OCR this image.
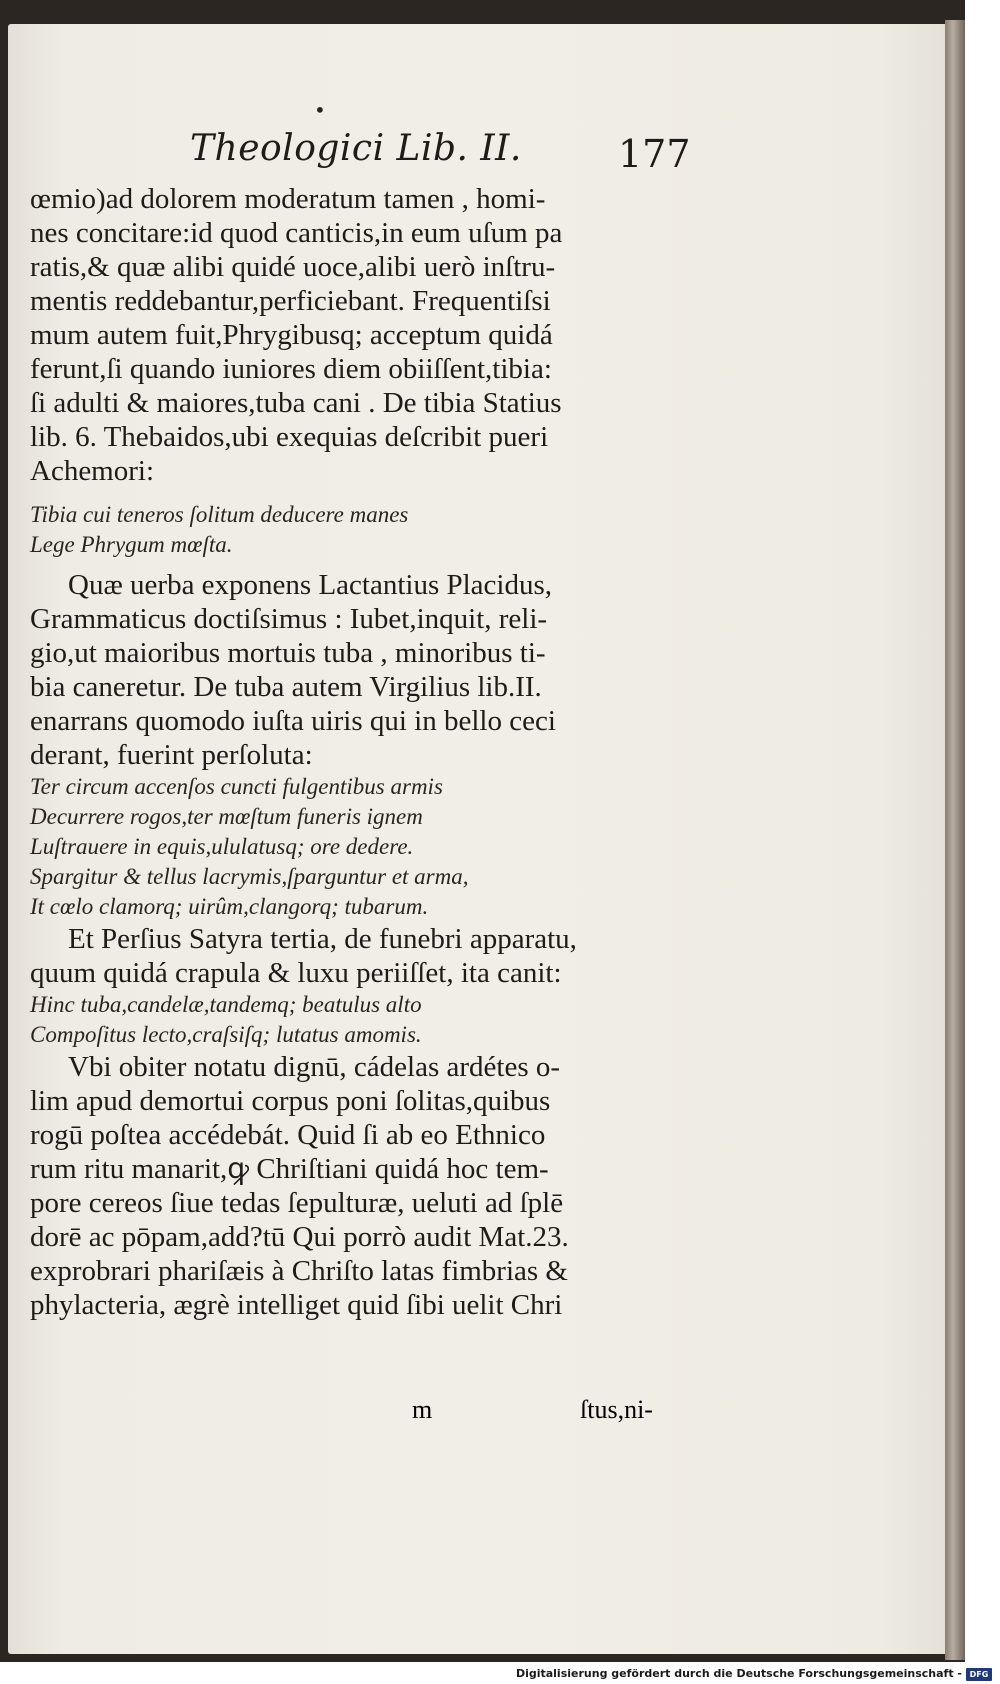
•
Theologici Lib. II.	177
œmio)ad dolorem moderatum tamen , homi-
nes concitare:id quod canticis,in eum uſum pa
ratis,& quæ alibi quidé uoce,alibi uerò inſtru-
mentis reddebantur,perficiebant. Frequentiſsi
mum autem fuit,Phrygibusq; acceptum quidá
ferunt,ſi quando iuniores diem obiiſſent,tibia:
ſi adulti & maiores,tuba cani . De tibia Statius
lib. 6. Thebaidos,ubi exequias deſcribit pueri
Achemori:
Tibia cui teneros ſolitum deducere manes
Lege Phrygum mœſta.
Quæ uerba exponens Lactantius Placidus,
Grammaticus doctiſsimus : Iubet,inquit, reli-
gio,ut maioribus mortuis tuba , minoribus ti-
bia caneretur. De tuba autem Virgilius lib.II.
enarrans quomodo iuſta uiris qui in bello ceci
derant, fuerint perſoluta:
Ter circum accenſos cuncti fulgentibus armis
Decurrere rogos,ter mœſtum funeris ignem
Luſtrauere in equis,ululatusq; ore dedere.
Spargitur & tellus lacrymis,ſparguntur et arma,
It cœlo clamorq; uirûm,clangorq; tubarum.
Et Perſius Satyra tertia, de funebri apparatu,
quum quidá crapula & luxu periiſſet, ita canit:
Hinc tuba,candelæ,tandemq; beatulus alto
Compoſitus lecto,craſsiſq; lutatus amomis.
Vbi obiter notatu dignū, cádelas ardétes o-
lim apud demortui corpus poni ſolitas,quibus
rogū poſtea accédebát. Quid ſi ab eo Ethnico
rum ritu manarit,ꝙ Chriſtiani quidá hoc tem-
pore cereos ſiue tedas ſepulturæ, ueluti ad ſplē
dorē ac pōpam,add?tū Qui porrò audit Mat.23.
exprobrari phariſæis à Chriſto latas fimbrias &
phylacteria, ægrè intelliget quid ſibi uelit Chri
m	ſtus,ni-
Digitalisierung gefördert durch die Deutsche Forschungsgemeinschaft - DFG
